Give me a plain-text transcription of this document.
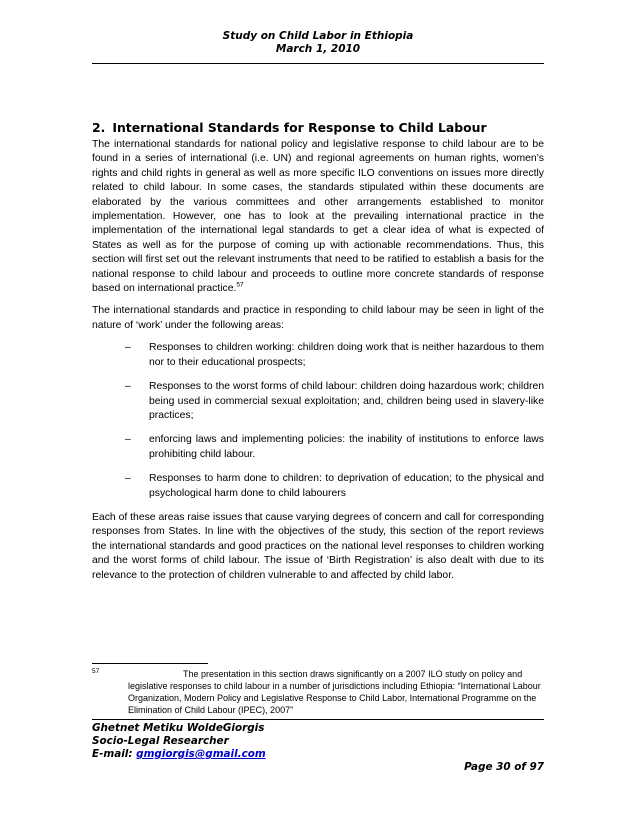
Study on Child Labor in Ethiopia
March 1, 2010
2. International Standards for Response to Child Labour

The international standards for national policy and legislative response to child labour are to be found in a series of international (i.e. UN) and regional agreements on human rights, women’s rights and child rights in general as well as more specific ILO conventions on issues more directly related to child labour. In some cases, the standards stipulated within these documents are elaborated by the various committees and other arrangements established to monitor implementation. However, one has to look at the prevailing international practice in the implementation of the international legal standards to get a clear idea of what is expected of States as well as for the purpose of coming up with actionable recommendations. Thus, this section will first set out the relevant instruments that need to be ratified to establish a basis for the national response to child labour and proceeds to outline more concrete standards of response based on international practice.$^{57}$

The international standards and practice in responding to child labour may be seen in light of the nature of ‘work’ under the following areas:

– Responses to children working: children doing work that is neither hazardous to them nor to their educational prospects;
– Responses to the worst forms of child labour: children doing hazardous work; children being used in commercial sexual exploitation; and, children being used in slavery-like practices;
– enforcing laws and implementing policies: the inability of institutions to enforce laws prohibiting child labour.
– Responses to harm done to children: to deprivation of education; to the physical and psychological harm done to child labourers

Each of these areas raise issues that cause varying degrees of concern and call for corresponding responses from States. In line with the objectives of the study, this section of the report reviews the international standards and good practices on the national level responses to children working and the worst forms of child labour. The issue of ‘Birth Registration’ is also dealt with due to its relevance to the protection of children vulnerable to and affected by child labor.

57	The presentation in this section draws significantly on a 2007 ILO study on policy and legislative responses to child labour in a number of jurisdictions including Ethiopia: “International Labour Organization, Modern Policy and Legislative Response to Child Labor, International Programme on the Elimination of Child Labour (IPEC), 2007”
Ghetnet Metiku WoldeGiorgis
Socio-Legal Researcher
E-mail: gmgiorgis@gmail.com
Page 30 of 97
